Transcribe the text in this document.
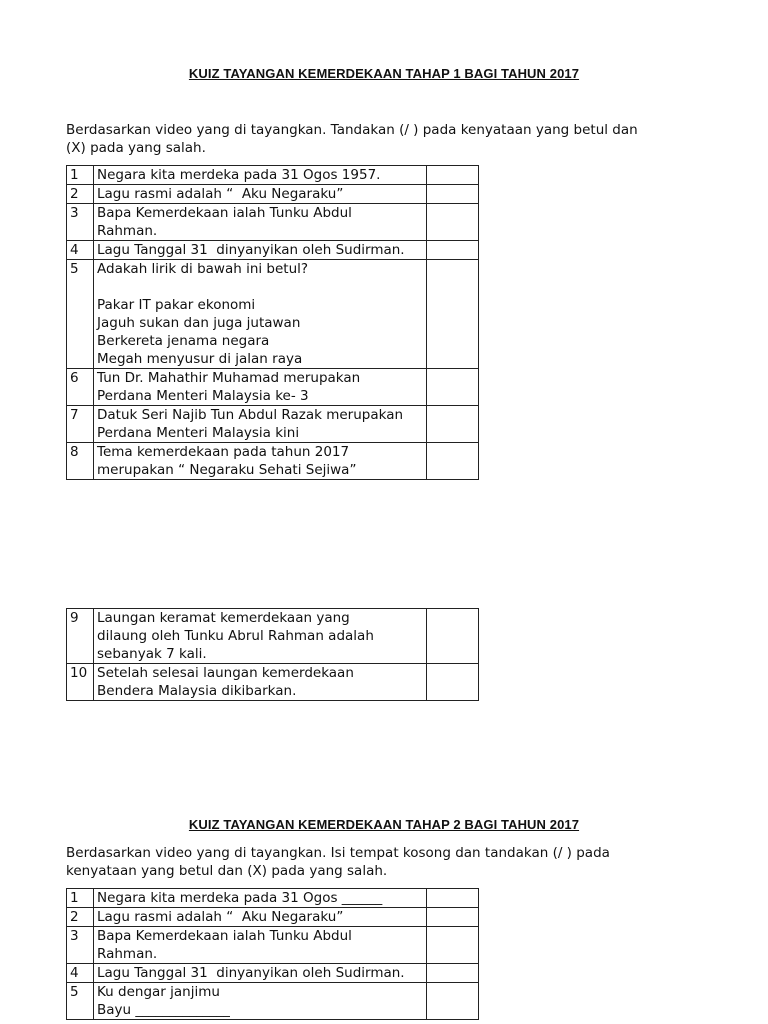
KUIZ TAYANGAN KEMERDEKAAN TAHAP 1 BAGI TAHUN 2017
Berdasarkan video yang di tayangkan. Tandakan (/ ) pada kenyataan yang betul dan
(X) pada yang salah.
1	Negara kita merdeka pada 31 Ogos 1957.	

2	Lagu rasmi adalah “  Aku Negaraku”	

3	Bapa Kemerdekaan ialah Tunku Abdul
Rahman.	

4	Lagu Tanggal 31  dinyanyikan oleh Sudirman.	

5	Adakah lirik di bawah ini betul?
Pakar IT pakar ekonomi
Jaguh sukan dan juga jutawan
Berkereta jenama negara
Megah menyusur di jalan raya	

6	Tun Dr. Mahathir Muhamad merupakan
Perdana Menteri Malaysia ke- 3	

7	Datuk Seri Najib Tun Abdul Razak merupakan
Perdana Menteri Malaysia kini	

8	Tema kemerdekaan pada tahun 2017
merupakan “ Negaraku Sehati Sejiwa”	

9	Laungan keramat kemerdekaan yang
dilaung oleh Tunku Abrul Rahman adalah
sebanyak 7 kali.	

10	Setelah selesai laungan kemerdekaan
Bendera Malaysia dikibarkan.	

KUIZ TAYANGAN KEMERDEKAAN TAHAP 2 BAGI TAHUN 2017
Berdasarkan video yang di tayangkan. Isi tempat kosong dan tandakan (/ ) pada
kenyataan yang betul dan (X) pada yang salah.
1	Negara kita merdeka pada 31 Ogos ______	

2	Lagu rasmi adalah “  Aku Negaraku”	

3	Bapa Kemerdekaan ialah Tunku Abdul
Rahman.	

4	Lagu Tanggal 31  dinyanyikan oleh Sudirman.	

5	Ku dengar janjimu
Bayu ______________	
